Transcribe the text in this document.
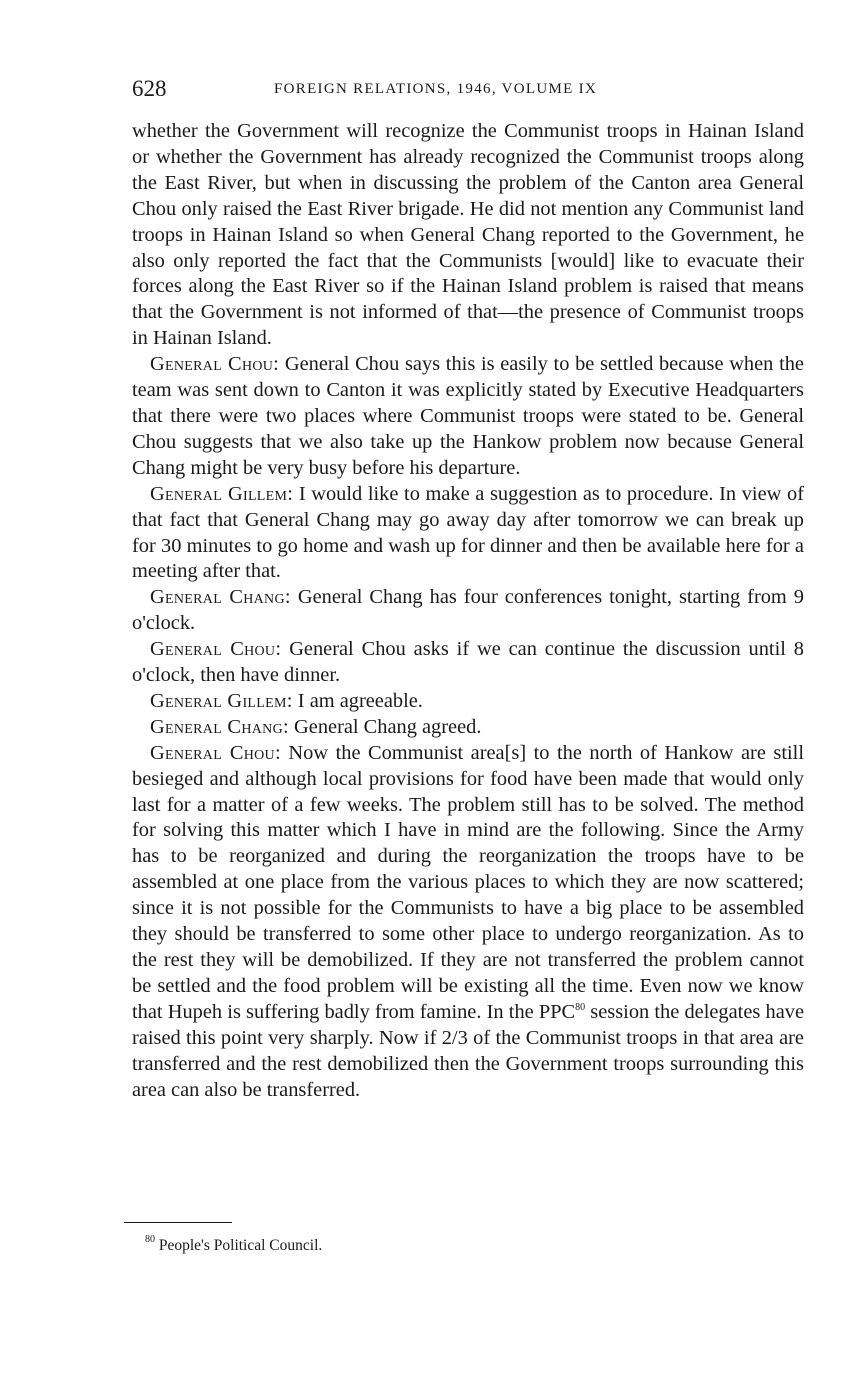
628	FOREIGN RELATIONS, 1946, VOLUME IX

whether the Government will recognize the Communist troops in Hainan Island or whether the Government has already recognized the Communist troops along the East River, but when in discussing the problem of the Canton area General Chou only raised the East River brigade. He did not mention any Communist land troops in Hainan Island so when General Chang reported to the Government, he also only reported the fact that the Communists [would] like to evacuate their forces along the East River so if the Hainan Island problem is raised that means that the Government is not informed of that—the presence of Communist troops in Hainan Island.

General Chou: General Chou says this is easily to be settled because when the team was sent down to Canton it was explicitly stated by Executive Headquarters that there were two places where Communist troops were stated to be. General Chou suggests that we also take up the Hankow problem now because General Chang might be very busy before his departure.

General Gillem: I would like to make a suggestion as to procedure. In view of that fact that General Chang may go away day after tomorrow we can break up for 30 minutes to go home and wash up for dinner and then be available here for a meeting after that.

General Chang: General Chang has four conferences tonight, starting from 9 o'clock.

General Chou: General Chou asks if we can continue the discussion until 8 o'clock, then have dinner.

General Gillem: I am agreeable.

General Chang: General Chang agreed.

General Chou: Now the Communist area[s] to the north of Hankow are still besieged and although local provisions for food have been made that would only last for a matter of a few weeks. The problem still has to be solved. The method for solving this matter which I have in mind are the following. Since the Army has to be reorganized and during the reorganization the troops have to be assembled at one place from the various places to which they are now scattered; since it is not possible for the Communists to have a big place to be assembled they should be transferred to some other place to undergo reorganization. As to the rest they will be demobilized. If they are not transferred the problem cannot be settled and the food problem will be existing all the time. Even now we know that Hupeh is suffering badly from famine. In the PPC$^{80}$ session the delegates have raised this point very sharply. Now if 2/3 of the Communist troops in that area are transferred and the rest demobilized then the Government troops surrounding this area can also be transferred.

$^{80}$ People's Political Council.
